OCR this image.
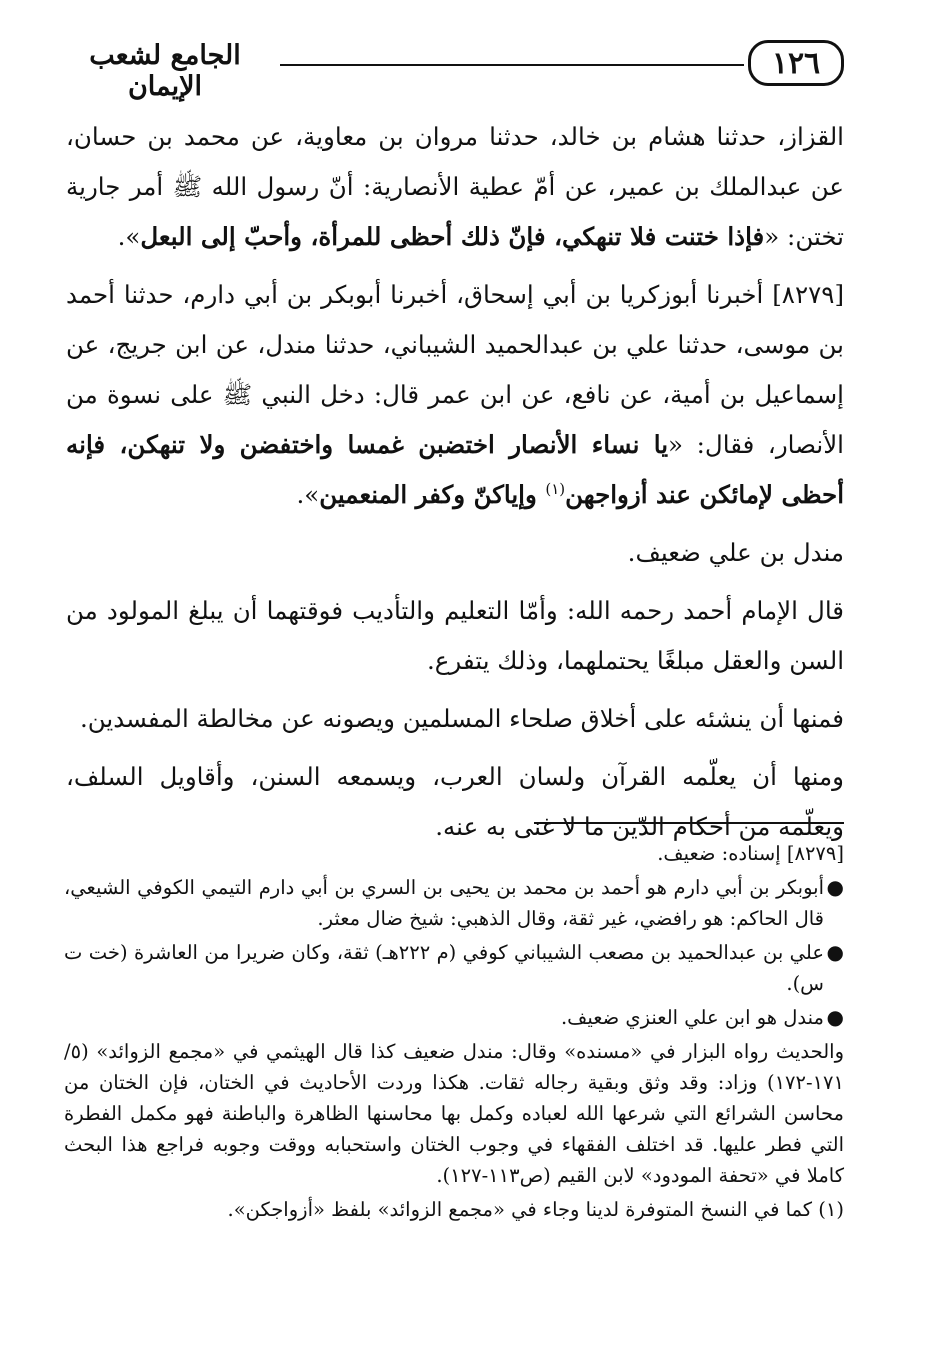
١٢٦
الجامع لشعب الإيمان

القزاز، حدثنا هشام بن خالد، حدثنا مروان بن معاوية، عن محمد بن حسان، عن عبدالملك بن عمير، عن أمّ عطية الأنصارية: أنّ رسول الله ﷺ أمر جارية تختن: «فإذا ختنت فلا تنهكي، فإنّ ذلك أحظى للمرأة، وأحبّ إلى البعل».

[٨٢٧٩] أخبرنا أبوزكريا بن أبي إسحاق، أخبرنا أبوبكر بن أبي دارم، حدثنا أحمد بن موسى، حدثنا علي بن عبدالحميد الشيباني، حدثنا مندل، عن ابن جريج، عن إسماعيل بن أمية، عن نافع، عن ابن عمر قال: دخل النبي ﷺ على نسوة من الأنصار، فقال: «يا نساء الأنصار اختضبن غمسا واختفضن ولا تنهكن، فإنه أحظى لإمائكن عند أزواجهن$^{(١)}$ وإياكنّ وكفر المنعمين».

مندل بن علي ضعيف.

قال الإمام أحمد رحمه الله: وأمّا التعليم والتأديب فوقتهما أن يبلغ المولود من السن والعقل مبلغًا يحتملهما، وذلك يتفرع.

فمنها أن ينشئه على أخلاق صلحاء المسلمين ويصونه عن مخالطة المفسدين.

ومنها أن يعلّمه القرآن ولسان العرب، ويسمعه السنن، وأقاويل السلف، ويعلّمه من أحكام الدّين ما لا غنى به عنه.

[٨٢٧٩] إسناده: ضعيف.

●
أبوبكر بن أبي دارم هو أحمد بن محمد بن يحيى بن السري بن أبي دارم التيمي الكوفي الشيعي، قال الحاكم: هو رافضي، غير ثقة، وقال الذهبي: شيخ ضال معثر.

●
علي بن عبدالحميد بن مصعب الشيباني كوفي (م ٢٢٢هـ) ثقة، وكان ضريرا من العاشرة (خت ت س).

●
مندل هو ابن علي العنزي ضعيف.

والحديث رواه البزار في «مسنده» وقال: مندل ضعيف كذا قال الهيثمي في «مجمع الزوائد» (٥/ ١٧١-١٧٢) وزاد: وقد وثق وبقية رجاله ثقات. هكذا وردت الأحاديث في الختان، فإن الختان من محاسن الشرائع التي شرعها الله لعباده وكمل بها محاسنها الظاهرة والباطنة فهو مكمل الفطرة التي فطر عليها. قد اختلف الفقهاء في وجوب الختان واستحبابه ووقت وجوبه فراجع هذا البحث كاملا في «تحفة المودود» لابن القيم (ص١١٣-١٢٧).

(١) كما في النسخ المتوفرة لدينا وجاء في «مجمع الزوائد» بلفظ «أزواجكن».
